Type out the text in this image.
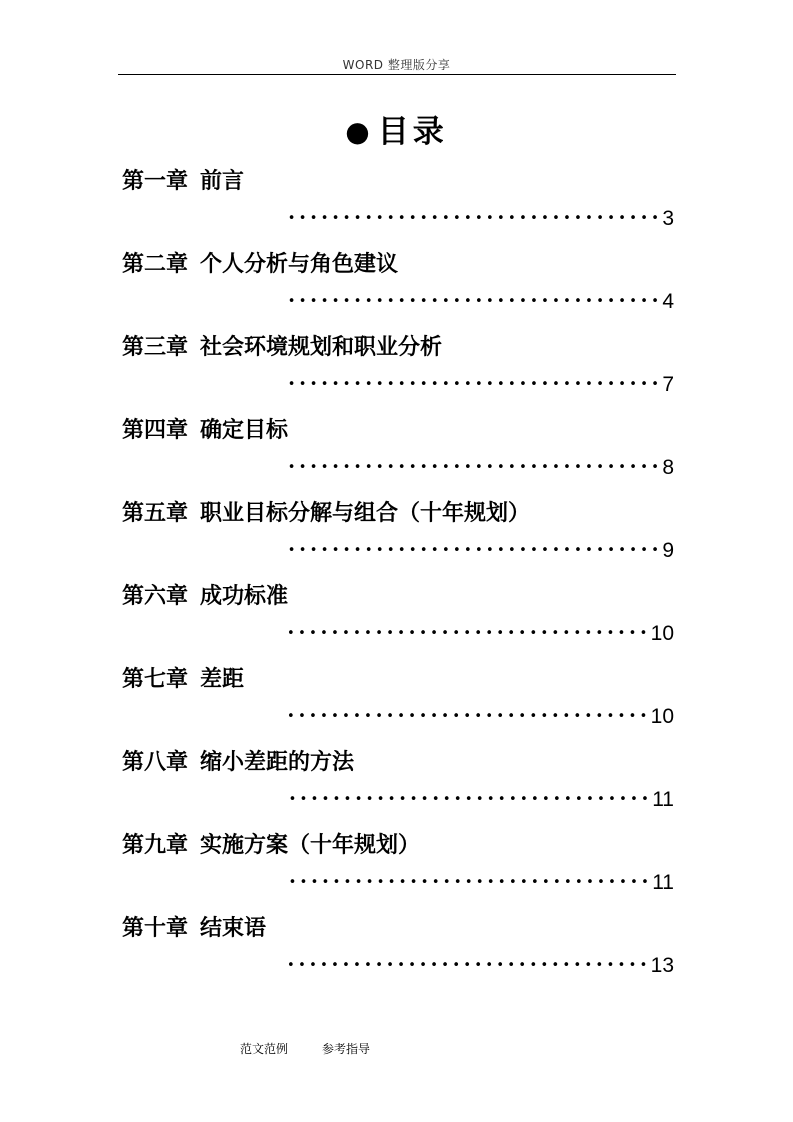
WORD 整理版分享
● 目录
第一章 前言
••••••••••••••••••••••••••••••••••3
第二章 个人分析与角色建议
••••••••••••••••••••••••••••••••••4
第三章 社会环境规划和职业分析
••••••••••••••••••••••••••••••••••7
第四章 确定目标
••••••••••••••••••••••••••••••••••8
第五章 职业目标分解与组合（十年规划）
••••••••••••••••••••••••••••••••••9
第六章 成功标准
•••••••••••••••••••••••••••••••••10
第七章 差距
•••••••••••••••••••••••••••••••••10
第八章 缩小差距的方法
•••••••••••••••••••••••••••••••••11
第九章 实施方案（十年规划）
•••••••••••••••••••••••••••••••••11
第十章 结束语
•••••••••••••••••••••••••••••••••13
范文范例	参考指导
